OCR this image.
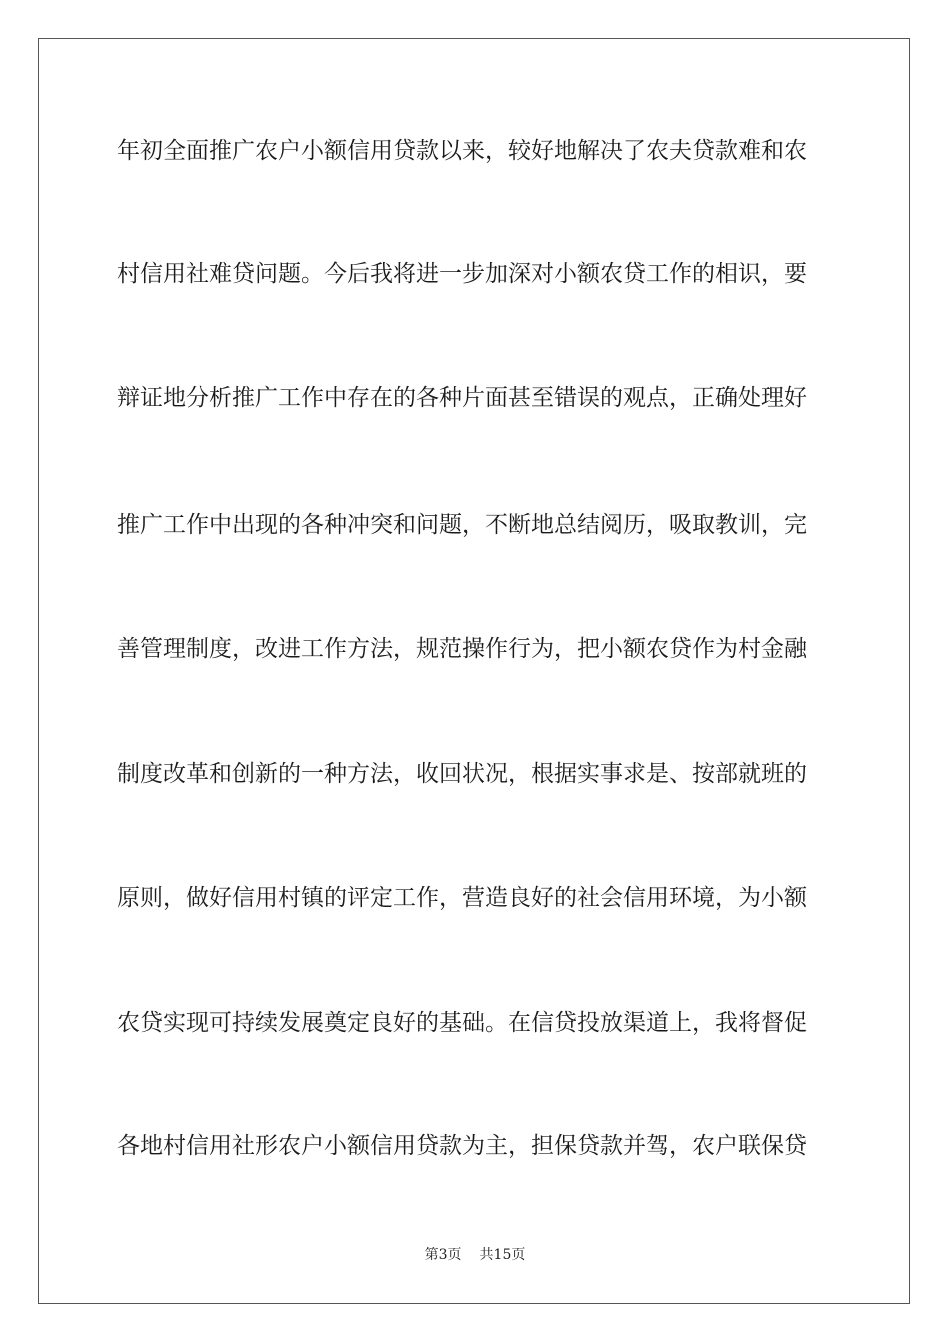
年初全面推广农户小额信用贷款以来，较好地解决了农夫贷款难和农
村信用社难贷问题。今后我将进一步加深对小额农贷工作的相识，要
辩证地分析推广工作中存在的各种片面甚至错误的观点，正确处理好
推广工作中出现的各种冲突和问题，不断地总结阅历，吸取教训，完
善管理制度，改进工作方法，规范操作行为，把小额农贷作为村金融
制度改革和创新的一种方法，收回状况，根据实事求是、按部就班的
原则，做好信用村镇的评定工作，营造良好的社会信用环境，为小额
农贷实现可持续发展奠定良好的基础。在信贷投放渠道上，我将督促
各地村信用社形农户小额信用贷款为主，担保贷款并驾，农户联保贷
第3页 共15页
